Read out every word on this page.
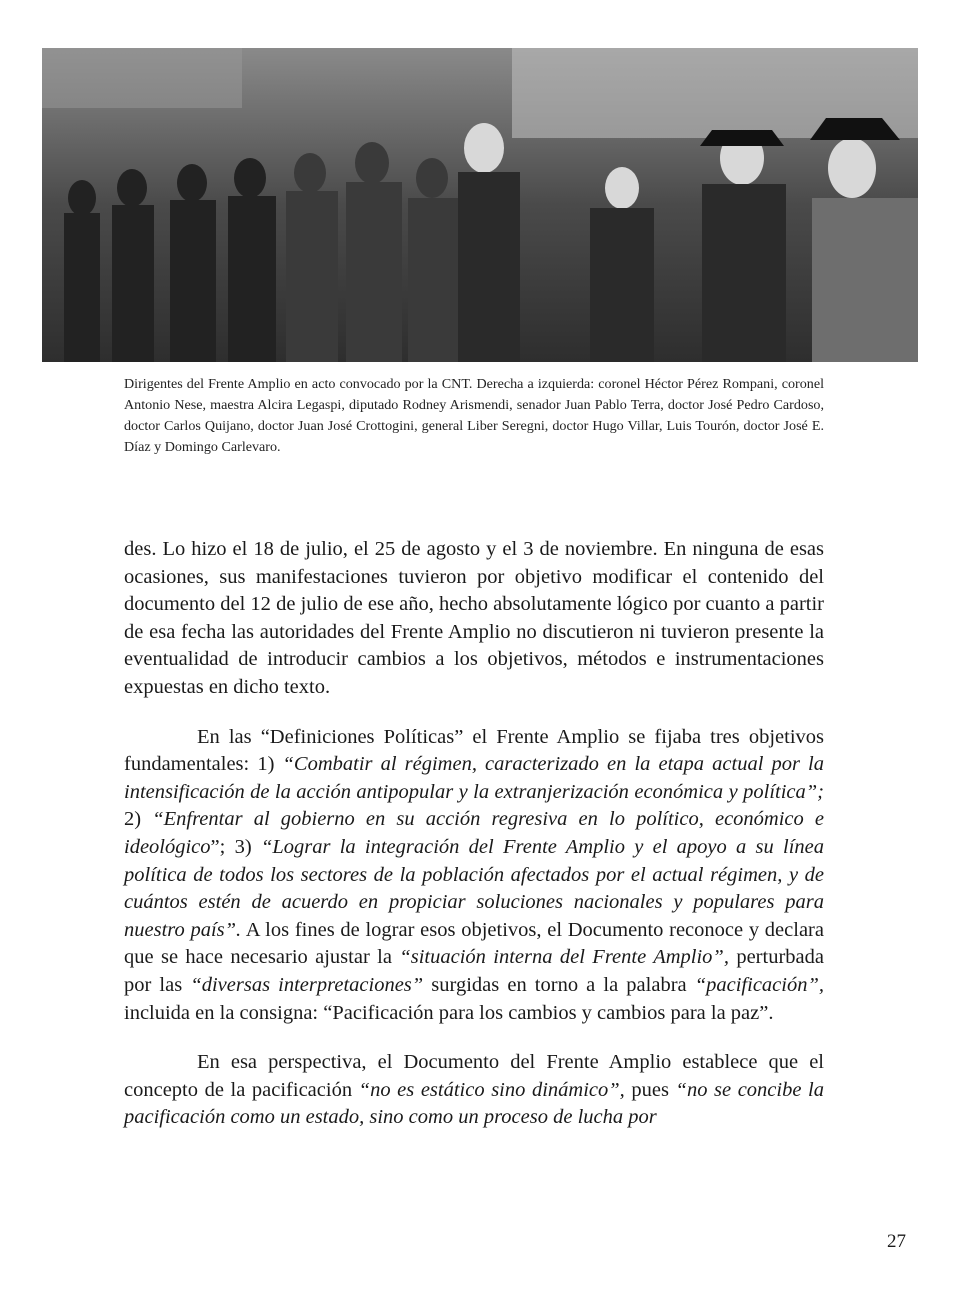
Dirigentes del Frente Amplio en acto convocado por la CNT. Derecha a izquierda: coronel Héctor Pérez Rompani, coronel Antonio Nese, maestra Alcira Legaspi, diputado Rodney Arismendi, senador Juan Pablo Terra, doctor José Pedro Cardoso, doctor Carlos Quijano, doctor Juan José Crottogini, general Liber Seregni, doctor Hugo Villar, Luis Tourón, doctor José E. Díaz y Domingo Carlevaro.

des. Lo hizo el 18 de julio, el 25 de agosto y el 3 de noviembre. En ninguna de esas ocasiones, sus manifestaciones tuvieron por objetivo modificar el contenido del documento del 12 de julio de ese año, hecho absolutamente lógico por cuanto a partir de esa fecha las autoridades del Frente Amplio no discutieron ni tuvieron presente la eventualidad de introducir cambios a los objetivos, métodos e instrumentaciones expuestas en dicho texto.

En las “Definiciones Políticas” el Frente Amplio se fijaba tres objetivos fundamentales: 1) “Combatir al régimen, caracterizado en la etapa actual por la intensificación de la acción antipopular y la extranjerización económica y política”; 2) “Enfrentar al gobierno en su acción regresiva en lo político, económico e ideológico”; 3) “Lograr la integración del Frente Amplio y el apoyo a su línea política de todos los sectores de la población afectados por el actual régimen, y de cuántos estén de acuerdo en propiciar soluciones nacionales y populares para nuestro país”. A los fines de lograr esos objetivos, el Documento reconoce y declara que se hace necesario ajustar la “situación interna del Frente Amplio”, perturbada por las “diversas interpretaciones” surgidas en torno a la palabra “pacificación”, incluida en la consigna: “Pacificación para los cambios y cambios para la paz”.

En esa perspectiva, el Documento del Frente Amplio establece que el concepto de la pacificación “no es estático sino dinámico”, pues “no se concibe la pacificación como un estado, sino como un proceso de lucha por

27
